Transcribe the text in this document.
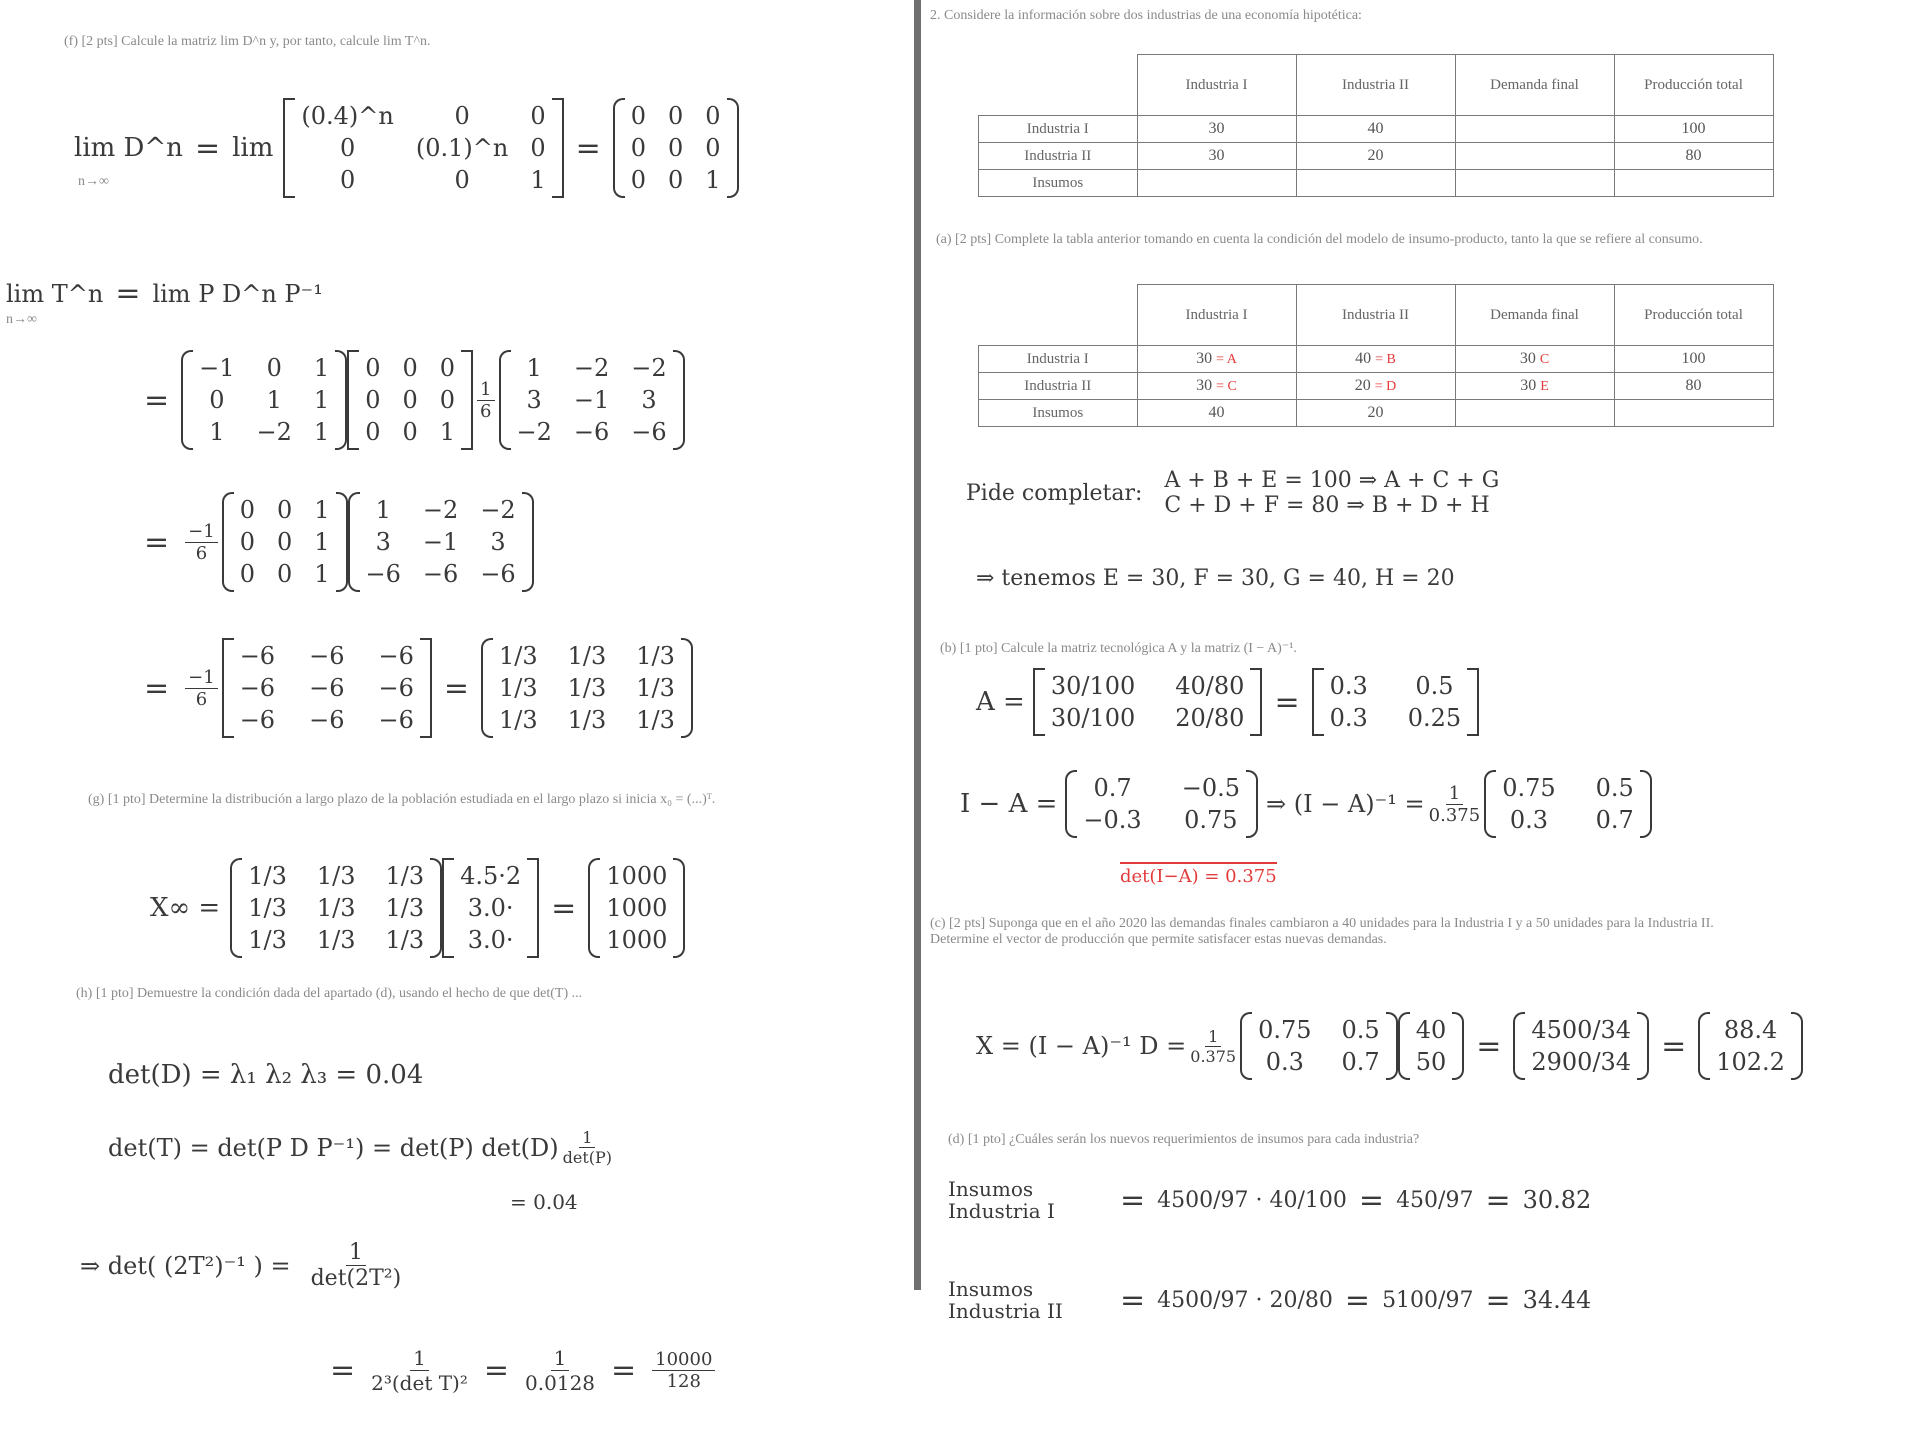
(f) [2 pts] Calcule la matriz lim D^n y, por tanto, calcule lim T^n.
lim D^n = lim
(0.4)^n	0	0
0	(0.1)^n 0
0	0	1
=
0 0 0
0 0 0
0 0 1
n→∞
lim T^n = lim P D^n P⁻¹
n→∞
=
−1 0 1
0 1 1
1 −2 1
0 0 0
0 0 0
0 0 1
$\frac{1}{6}$
1 −2 −2
3 −1 3
−2 −6 −6
= $\frac{-1}{6}$
0 0 1
0 0 1
0 0 1
1 −2 −2
3 −1 3
−6 −6 −6
= $\frac{-1}{6}$
−6 −6 −6
−6 −6 −6
−6 −6 −6
=
1/3 1/3 1/3
1/3 1/3 1/3
1/3 1/3 1/3
(g) [1 pto] Determine la distribución a largo plazo de la población estudiada en el largo plazo si inicia x₀ = (...)ᵀ.
X∞ =
1/3 1/3 1/3
1/3 1/3 1/3
1/3 1/3 1/3
4.5·2
3.0·
3.0·
=
1000
1000
1000
(h) [1 pto] Demuestre la condición dada del apartado (d), usando el hecho de que det(T) ...
det(D) = λ₁ λ₂ λ₃ = 0.04
det(T) = det(P D P⁻¹) = det(P) $\det(D) \frac{1}{\det(P)}$
= 0.04
⇒ det( (2T²)⁻¹ ) = $\frac{1}{\text{det(2T²)}}$
= $\frac{1}{\text{2³(det T)²}} = \frac{1}{0.0128} = \frac{10000}{128}$
2. Considere la información sobre dos industrias de una economía hipotética:
	Industria I	Industria II	Demanda final	Producción total
Industria I	30	40		100
Industria II	30	20		80
Insumos				
(a) [2 pts] Complete la tabla anterior tomando en cuenta la condición del modelo de insumo-producto, tanto la que se refiere al consumo.
	Industria I	Industria II	Demanda final	Producción total
Industria I	30 = A	40 = B	30 C	100
Industria II	30 = C	20 = D	30 E	80
Insumos	40	20		
Pide completar: A + B + E = 100 ⇒ A + C + G
C + D + F = 80 ⇒ B + D + H
⇒ tenemos E = 30, F = 30, G = 40, H = 20
(b) [1 pto] Calcule la matriz tecnológica A y la matriz (I − A)⁻¹.
A =
30/100 40/80
30/100 20/80 = 0.3 0.5
0.3 0.25
I − A =
0.7 −0.5
−0.3 0.75
⇒ $(I - A)^{-1} = \frac{1}{0.375} 0.75$ 0.5
0.3 0.7
det(I−A) = 0.375
(c) [2 pts] Suponga que en el año 2020 las demandas finales cambiaron a 40 unidades para la Industria I y a 50 unidades para la Industria II. Determine el vector de producción que permite satisfacer estas nuevas demandas.
X = (I − A)⁻¹ $D = \frac{1}{0.375} 0.75$ 0.5
0.3 0.7
40
50 = 4500/34
2900/34 = 88.4
102.2
(d) [1 pto] ¿Cuáles serán los nuevos requerimientos de insumos para cada industria?
Insumos Industria I	= 4500/97 · 40/100 = 450/97 = 30.82
Insumos Industria II	= 4500/97 · 20/80 = 5100/97 = 34.44
